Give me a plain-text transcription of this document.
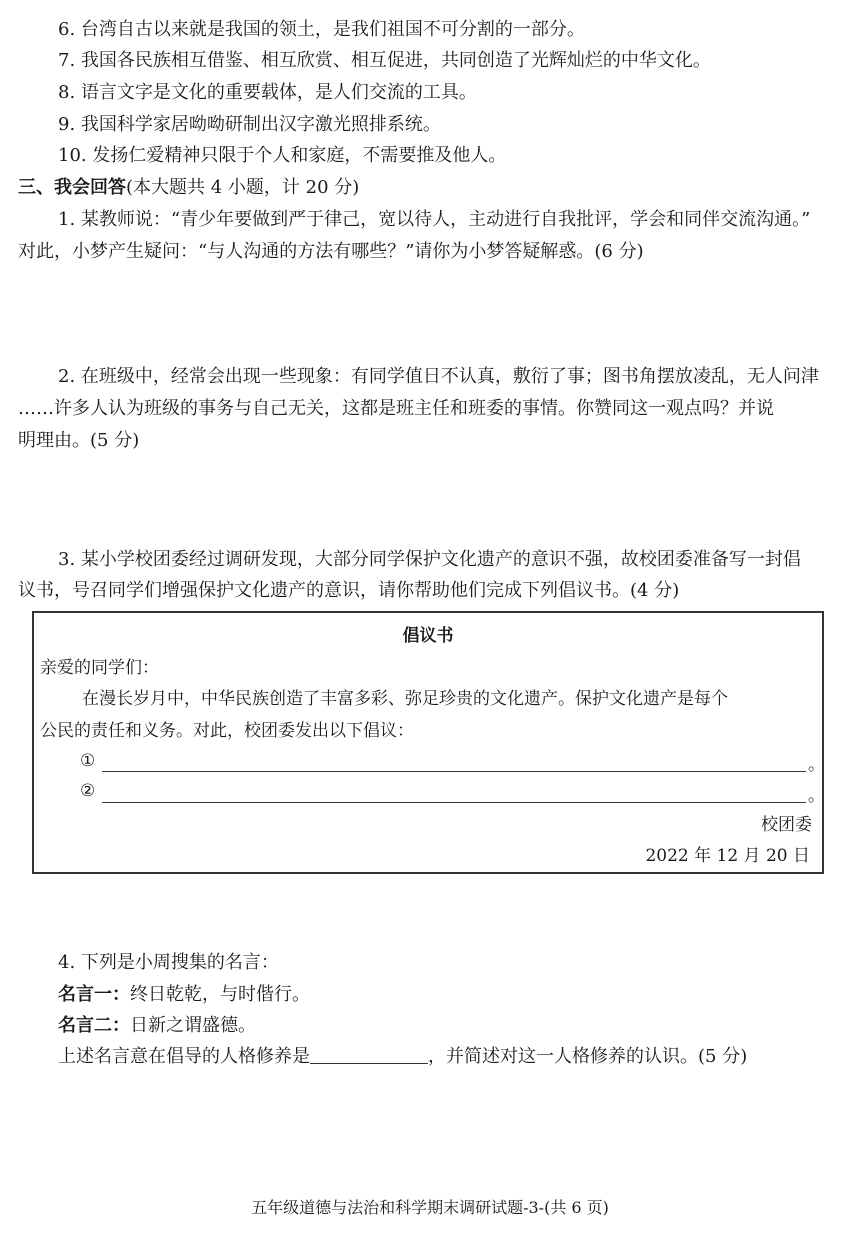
6. 台湾自古以来就是我国的领土，是我们祖国不可分割的一部分。
7. 我国各民族相互借鉴、相互欣赏、相互促进，共同创造了光辉灿烂的中华文化。
8. 语言文字是文化的重要载体，是人们交流的工具。
9. 我国科学家居呦呦研制出汉字激光照排系统。
10. 发扬仁爱精神只限于个人和家庭，不需要推及他人。
三、我会回答(本大题共 4 小题，计 20 分)
1. 某教师说：“青少年要做到严于律己，宽以待人，主动进行自我批评，学会和同伴交流沟通。”
对此，小梦产生疑问：“与人沟通的方法有哪些？”请你为小梦答疑解惑。(6 分)
2. 在班级中，经常会出现一些现象：有同学值日不认真，敷衍了事；图书角摆放凌乱，无人问津
……许多人认为班级的事务与自己无关，这都是班主任和班委的事情。你赞同这一观点吗？并说
明理由。(5 分)
3. 某小学校团委经过调研发现，大部分同学保护文化遗产的意识不强，故校团委准备写一封倡
议书，号召同学们增强保护文化遗产的意识，请你帮助他们完成下列倡议书。(4 分)
倡议书
亲爱的同学们：
在漫长岁月中，中华民族创造了丰富多彩、弥足珍贵的文化遗产。保护文化遗产是每个
公民的责任和义务。对此，校团委发出以下倡议：
①	。
②	。
校团委
2022 年 12 月 20 日
4. 下列是小周搜集的名言：
名言一：终日乾乾，与时偕行。
名言二：日新之谓盛德。
上述名言意在倡导的人格修养是	，并简述对这一人格修养的认识。(5 分)
五年级道德与法治和科学期末调研试题-3-(共 6 页)
